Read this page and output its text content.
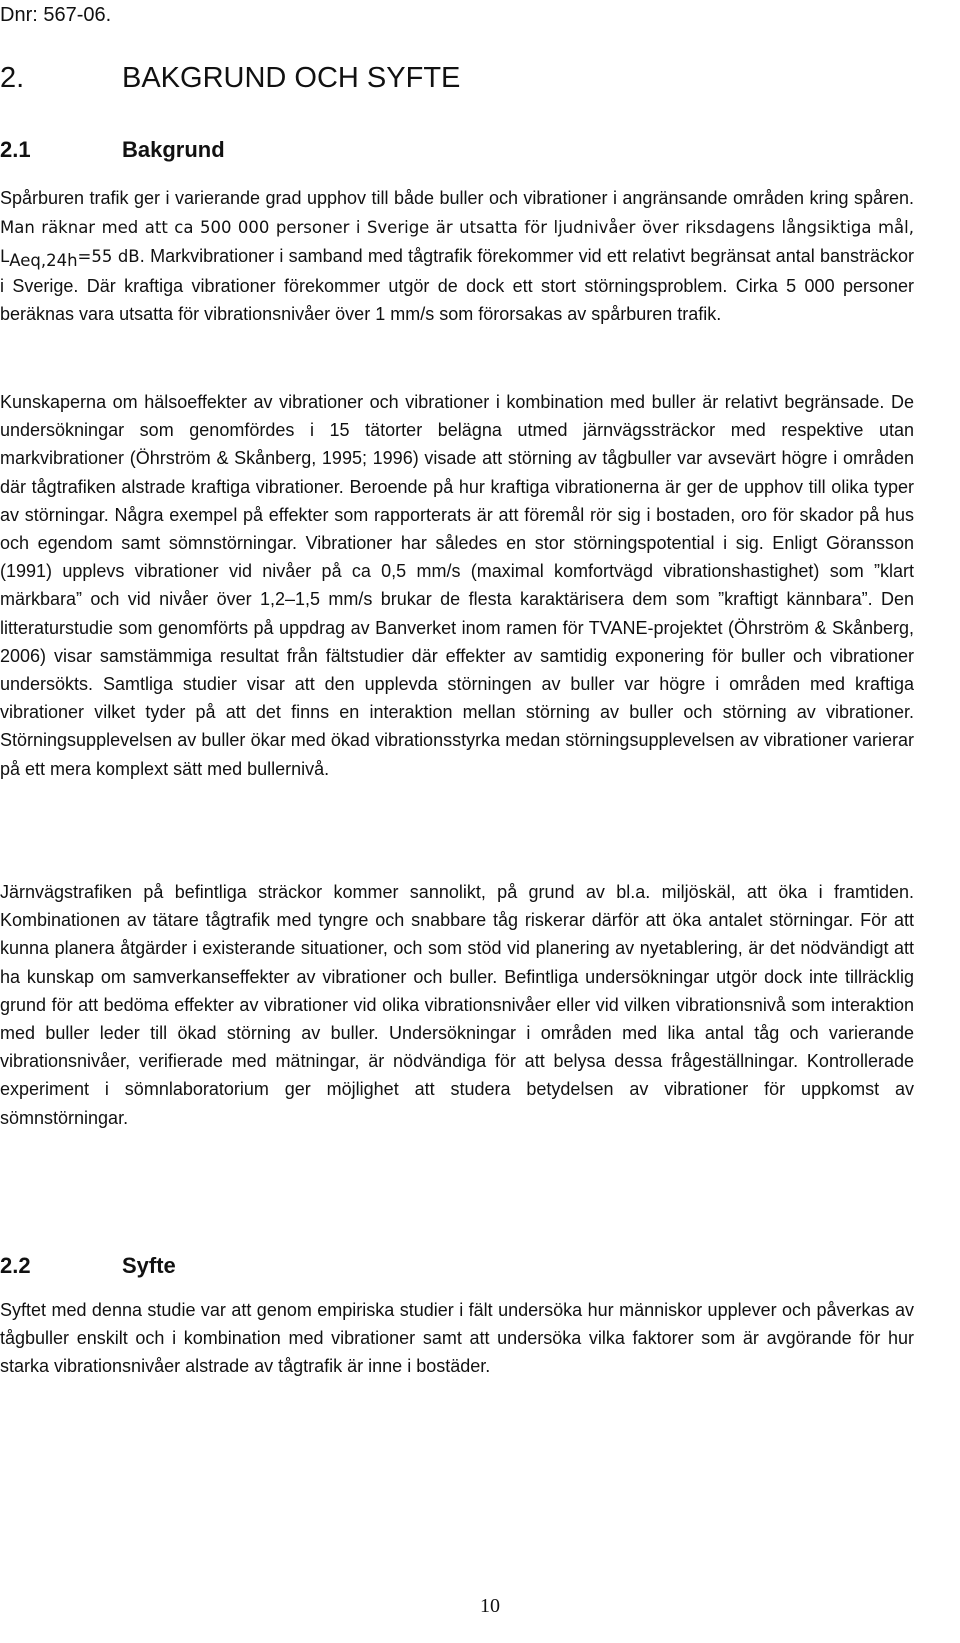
Dnr: 567-06.
2.	BAKGRUND OCH SYFTE
2.1	Bakgrund

Spårburen trafik ger i varierande grad upphov till både buller och vibrationer i angränsande områden kring spåren. Man räknar med att ca 500 000 personer i Sverige är utsatta för ljudnivåer över riksdagens långsiktiga mål, LAeq,24h=55 dB. Markvibrationer i samband med tågtrafik förekommer vid ett relativt begränsat antal bansträckor i Sverige. Där kraftiga vibrationer förekommer utgör de dock ett stort störningsproblem. Cirka 5 000 personer beräknas vara utsatta för vibrationsnivåer över 1 mm/s som förorsakas av spårburen trafik.

Kunskaperna om hälsoeffekter av vibrationer och vibrationer i kombination med buller är relativt begränsade. De undersökningar som genomfördes i 15 tätorter belägna utmed järnvägssträckor med respektive utan markvibrationer (Öhrström & Skånberg, 1995; 1996) visade att störning av tågbuller var avsevärt högre i områden där tågtrafiken alstrade kraftiga vibrationer. Beroende på hur kraftiga vibrationerna är ger de upphov till olika typer av störningar. Några exempel på effekter som rapporterats är att föremål rör sig i bostaden, oro för skador på hus och egendom samt sömnstörningar. Vibrationer har således en stor störningspotential i sig. Enligt Göransson (1991) upplevs vibrationer vid nivåer på ca 0,5 mm/s (maximal komfortvägd vibrationshastighet) som ”klart märkbara” och vid nivåer över 1,2–1,5 mm/s brukar de flesta karaktärisera dem som ”kraftigt kännbara”. Den litteraturstudie som genomförts på uppdrag av Banverket inom ramen för TVANE-projektet (Öhrström & Skånberg, 2006) visar samstämmiga resultat från fältstudier där effekter av samtidig exponering för buller och vibrationer undersökts. Samtliga studier visar att den upplevda störningen av buller var högre i områden med kraftiga vibrationer vilket tyder på att det finns en interaktion mellan störning av buller och störning av vibrationer. Störningsupplevelsen av buller ökar med ökad vibrationsstyrka medan störningsupplevelsen av vibrationer varierar på ett mera komplext sätt med bullernivå.

Järnvägstrafiken på befintliga sträckor kommer sannolikt, på grund av bl.a. miljöskäl, att öka i framtiden. Kombinationen av tätare tågtrafik med tyngre och snabbare tåg riskerar därför att öka antalet störningar. För att kunna planera åtgärder i existerande situationer, och som stöd vid planering av nyetablering, är det nödvändigt att ha kunskap om samverkanseffekter av vibrationer och buller. Befintliga undersökningar utgör dock inte tillräcklig grund för att bedöma effekter av vibrationer vid olika vibrationsnivåer eller vid vilken vibrationsnivå som interaktion med buller leder till ökad störning av buller. Undersökningar i områden med lika antal tåg och varierande vibrationsnivåer, verifierade med mätningar, är nödvändiga för att belysa dessa frågeställningar. Kontrollerade experiment i sömnlaboratorium ger möjlighet att studera betydelsen av vibrationer för uppkomst av sömnstörningar.

2.2	Syfte

Syftet med denna studie var att genom empiriska studier i fält undersöka hur människor upplever och påverkas av tågbuller enskilt och i kombination med vibrationer samt att undersöka vilka faktorer som är avgörande för hur starka vibrationsnivåer alstrade av tågtrafik är inne i bostäder.

10
